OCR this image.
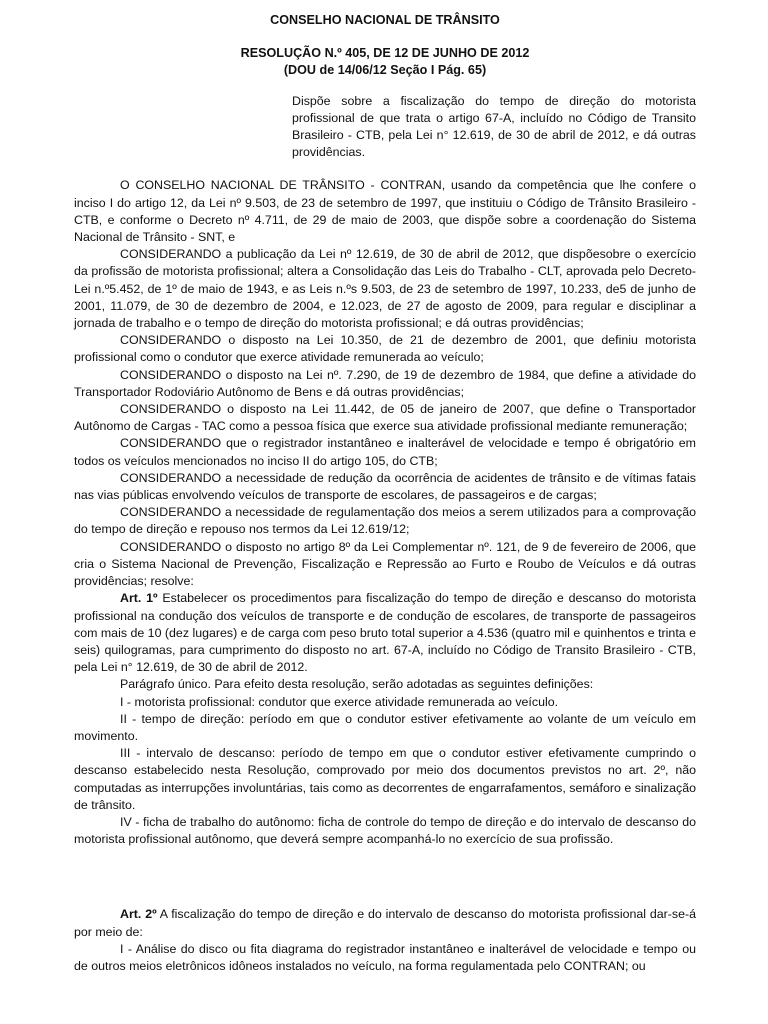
CONSELHO NACIONAL DE TRÂNSITO
RESOLUÇÃO N.º 405, DE 12 DE JUNHO DE 2012
(DOU de 14/06/12 Seção I Pág. 65)
Dispõe sobre a fiscalização do tempo de direção do motorista profissional de que trata o artigo 67-A, incluído no Código de Transito Brasileiro - CTB, pela Lei n° 12.619, de 30 de abril de 2012, e dá outras providências.

O CONSELHO NACIONAL DE TRÂNSITO - CONTRAN, usando da competência que lhe confere o inciso I do artigo 12, da Lei nº 9.503, de 23 de setembro de 1997, que instituiu o Código de Trânsito Brasileiro - CTB, e conforme o Decreto nº 4.711, de 29 de maio de 2003, que dispõe sobre a coordenação do Sistema Nacional de Trânsito - SNT, e

CONSIDERANDO a publicação da Lei nº 12.619, de 30 de abril de 2012, que dispõesobre o exercício da profissão de motorista profissional; altera a Consolidação das Leis do Trabalho - CLT, aprovada pelo Decreto-Lei n.º5.452, de 1º de maio de 1943, e as Leis n.ºs 9.503, de 23 de setembro de 1997, 10.233, de5 de junho de 2001, 11.079, de 30 de dezembro de 2004, e 12.023, de 27 de agosto de 2009, para regular e disciplinar a jornada de trabalho e o tempo de direção do motorista profissional; e dá outras providências;

CONSIDERANDO o disposto na Lei 10.350, de 21 de dezembro de 2001, que definiu motorista profissional como o condutor que exerce atividade remunerada ao veículo;

CONSIDERANDO o disposto na Lei nº. 7.290, de 19 de dezembro de 1984, que define a atividade do Transportador Rodoviário Autônomo de Bens e dá outras providências;

CONSIDERANDO o disposto na Lei 11.442, de 05 de janeiro de 2007, que define o Transportador Autônomo de Cargas - TAC como a pessoa física que exerce sua atividade profissional mediante remuneração;

CONSIDERANDO que o registrador instantâneo e inalterável de velocidade e tempo é obrigatório em todos os veículos mencionados no inciso II do artigo 105, do CTB;

CONSIDERANDO a necessidade de redução da ocorrência de acidentes de trânsito e de vítimas fatais nas vias públicas envolvendo veículos de transporte de escolares, de passageiros e de cargas;

CONSIDERANDO a necessidade de regulamentação dos meios a serem utilizados para a comprovação do tempo de direção e repouso nos termos da Lei 12.619/12;

CONSIDERANDO o disposto no artigo 8º da Lei Complementar nº. 121, de 9 de fevereiro de 2006, que cria o Sistema Nacional de Prevenção, Fiscalização e Repressão ao Furto e Roubo de Veículos e dá outras providências; resolve:

Art. 1º Estabelecer os procedimentos para fiscalização do tempo de direção e descanso do motorista profissional na condução dos veículos de transporte e de condução de escolares, de transporte de passageiros com mais de 10 (dez lugares) e de carga com peso bruto total superior a 4.536 (quatro mil e quinhentos e trinta e seis) quilogramas, para cumprimento do disposto no art. 67-A, incluído no Código de Transito Brasileiro - CTB, pela Lei n° 12.619, de 30 de abril de 2012.

Parágrafo único. Para efeito desta resolução, serão adotadas as seguintes definições:

I - motorista profissional: condutor que exerce atividade remunerada ao veículo.

II - tempo de direção: período em que o condutor estiver efetivamente ao volante de um veículo em movimento.

III - intervalo de descanso: período de tempo em que o condutor estiver efetivamente cumprindo o descanso estabelecido nesta Resolução, comprovado por meio dos documentos previstos no art. 2º, não computadas as interrupções involuntárias, tais como as decorrentes de engarrafamentos, semáforo e sinalização de trânsito.

IV - ficha de trabalho do autônomo: ficha de controle do tempo de direção e do intervalo de descanso do motorista profissional autônomo, que deverá sempre acompanhá-lo no exercício de sua profissão.

Art. 2º A fiscalização do tempo de direção e do intervalo de descanso do motorista profissional dar-se-á por meio de:

I - Análise do disco ou fita diagrama do registrador instantâneo e inalterável de velocidade e tempo ou de outros meios eletrônicos idôneos instalados no veículo, na forma regulamentada pelo CONTRAN; ou
